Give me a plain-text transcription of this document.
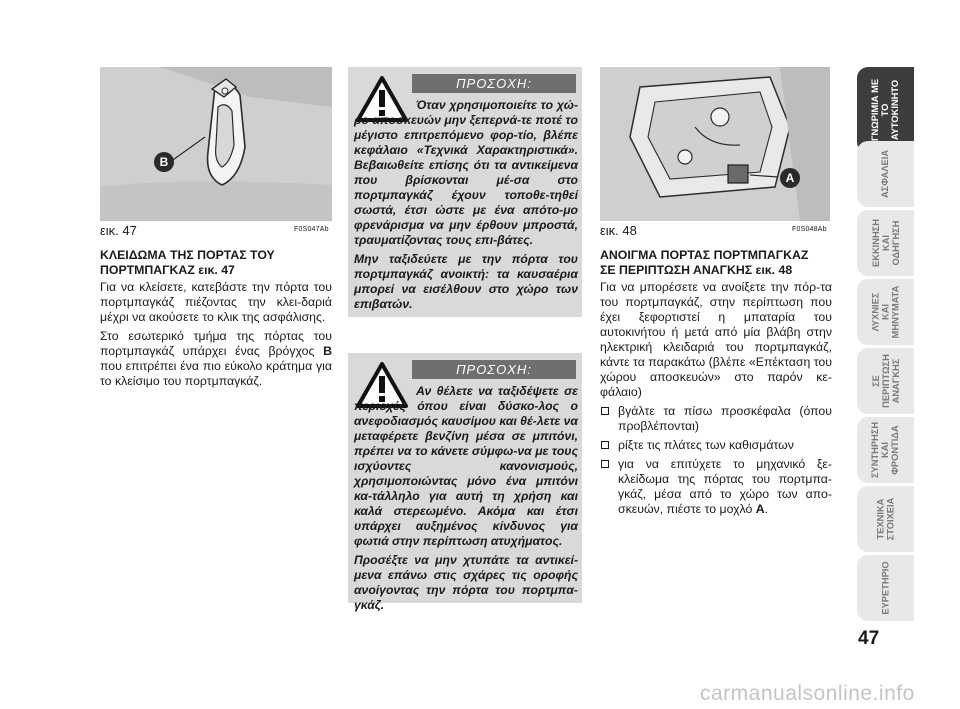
B
εικ. 47	F0S047Ab
ΚΛΕΙΔΩΜΑ ΤΗΣ ΠΟΡΤΑΣ ΤΟΥ
ΠΟΡΤΜΠΑΓΚΑΖ εικ. 47

Για να κλείσετε, κατεβάστε την πόρτα του πορτμπαγκάζ πιέζοντας την κλει-δαριά μέχρι να ακούσετε το κλικ της ασφάλισης.

Στο εσωτερικό τμήμα της πόρτας του πορτμπαγκάζ υπάρχει ένας βρόγχος B που επιτρέπει ένα πιο εύκολο κράτημα για το κλείσιμο του πορτμπαγκάζ.

ΠΡΟΣΟΧΗ:

Όταν χρησιμοποιείτε το χώ-ρο αποσκευών μην ξεπερνά-τε ποτέ το μέγιστο επιτρεπόμενο φορ-τίο, βλέπε κεφάλαιο «Τεχνικά Χαρακτηριστικά». Βεβαιωθείτε επίσης ότι τα αντικείμενα που βρίσκονται μέ-σα στο πορτμπαγκάζ έχουν τοποθε-τηθεί σωστά, έτσι ώστε με ένα απότο-μο φρενάρισμα να μην έρθουν μπροστά, τραυματίζοντας τους επι-βάτες.

Μην ταξιδεύετε με την πόρτα του πορτμπαγκάζ ανοικτή: τα καυσαέρια μπορεί να εισέλθουν στο χώρο των επιβατών.

ΠΡΟΣΟΧΗ:

Αν θέλετε να ταξιδέψετε σε περιοχές όπου είναι δύσκο-λος ο ανεφοδιασμός καυσίμου και θέ-λετε να μεταφέρετε βενζίνη μέσα σε μπιτόνι, πρέπει να το κάνετε σύμφω-να με τους ισχύοντες κανονισμούς, χρησιμοποιώντας μόνο ένα μπιτόνι κα-τάλληλο για αυτή τη χρήση και καλά στερεωμένο. Ακόμα και έτσι υπάρχει αυξημένος κίνδυνος για φωτιά στην περίπτωση ατυχήματος.

Προσέξτε να μην χτυπάτε τα αντικεί-μενα επάνω στις σχάρες τις οροφής ανοίγοντας την πόρτα του πορτμπα-γκάζ.

A
εικ. 48	F0S048Ab
ΑΝΟΙΓΜΑ ΠΟΡΤΑΣ ΠΟΡΤΜΠΑΓΚΑΖ
ΣΕ ΠΕΡΙΠΤΩΣΗ ΑΝΑΓΚΗΣ εικ. 48

Για να μπορέσετε να ανοίξετε την πόρ-τα του πορτμπαγκάζ, στην περίπτωση που έχει ξεφορτιστεί η μπαταρία του αυτοκινήτου ή μετά από μία βλάβη στην ηλεκτρική κλειδαριά του πορτμπαγκάζ, κάντε τα παρακάτω (βλέπε «Επέκταση του χώρου αποσκευών» στο παρόν κε-φάλαιο)

βγάλτε τα πίσω προσκέφαλα (όπου προβλέπονται)
ρίξτε τις πλάτες των καθισμάτων
για να επιτύχετε το μηχανικό ξε-κλείδωμα της πόρτας του πορτμπα-γκάζ, μέσα από το χώρο των απο-σκευών, πιέστε το μοχλό A.
ΓΝΩΡΙΜΙΑ ΜΕ ΤΟ ΑΥΤΟΚΙΝΗΤΟ
ΑΣΦΑΛΕΙΑ
ΕΚΚΙΝΗΣΗ ΚΑΙ ΟΔΗΓΗΣΗ
ΛΥΧΝΙΕΣ ΚΑΙ ΜΗΝΥΜΑΤΑ
ΣΕ ΠΕΡΙΠΤΩΣΗ ΑΝΑΓΚΗΣ
ΣΥΝΤΗΡΗΣΗ ΚΑΙ ΦΡΟΝΤΙΔΑ
ΤΕΧΝΙΚΑ ΣΤΟΙΧΕΙΑ
ΕΥΡΕΤΗΡΙΟ
47
carmanualsonline.info
